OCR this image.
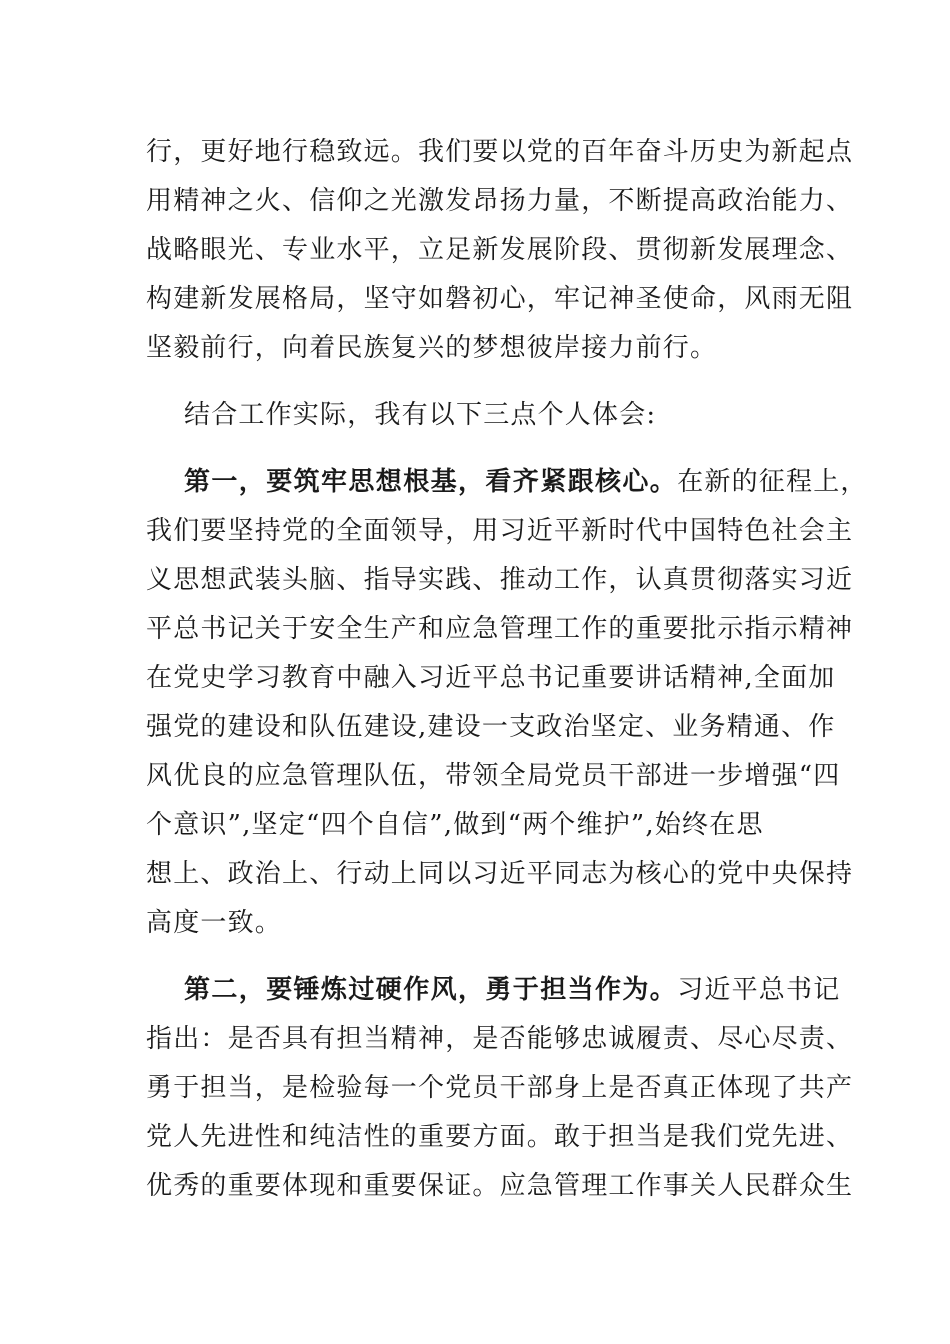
行，更好地行稳致远。我们要以党的百年奋斗历史为新起点
用精神之火、信仰之光激发昂扬力量，不断提高政治能力、
战略眼光、专业水平，立足新发展阶段、贯彻新发展理念、
构建新发展格局，坚守如磐初心，牢记神圣使命，风雨无阻
坚毅前行，向着民族复兴的梦想彼岸接力前行。
结合工作实际，我有以下三点个人体会:
第一，要筑牢思想根基，看齐紧跟核心。在新的征程上，
我们要坚持党的全面领导，用习近平新时代中国特色社会主
义思想武装头脑、指导实践、推动工作，认真贯彻落实习近
平总书记关于安全生产和应急管理工作的重要批示指示精神
在党史学习教育中融入习近平总书记重要讲话精神,全面加
强党的建设和队伍建设,建设一支政治坚定、业务精通、作
风优良的应急管理队伍，带领全局党员干部进一步增强“四
个意识”,坚定“四个自信”,做到“两个维护”,始终在思
想上、政治上、行动上同以习近平同志为核心的党中央保持
高度一致。
第二，要锤炼过硬作风，勇于担当作为。习近平总书记
指出：是否具有担当精神，是否能够忠诚履责、尽心尽责、
勇于担当，是检验每一个党员干部身上是否真正体现了共产
党人先进性和纯洁性的重要方面。敢于担当是我们党先进、
优秀的重要体现和重要保证。应急管理工作事关人民群众生
